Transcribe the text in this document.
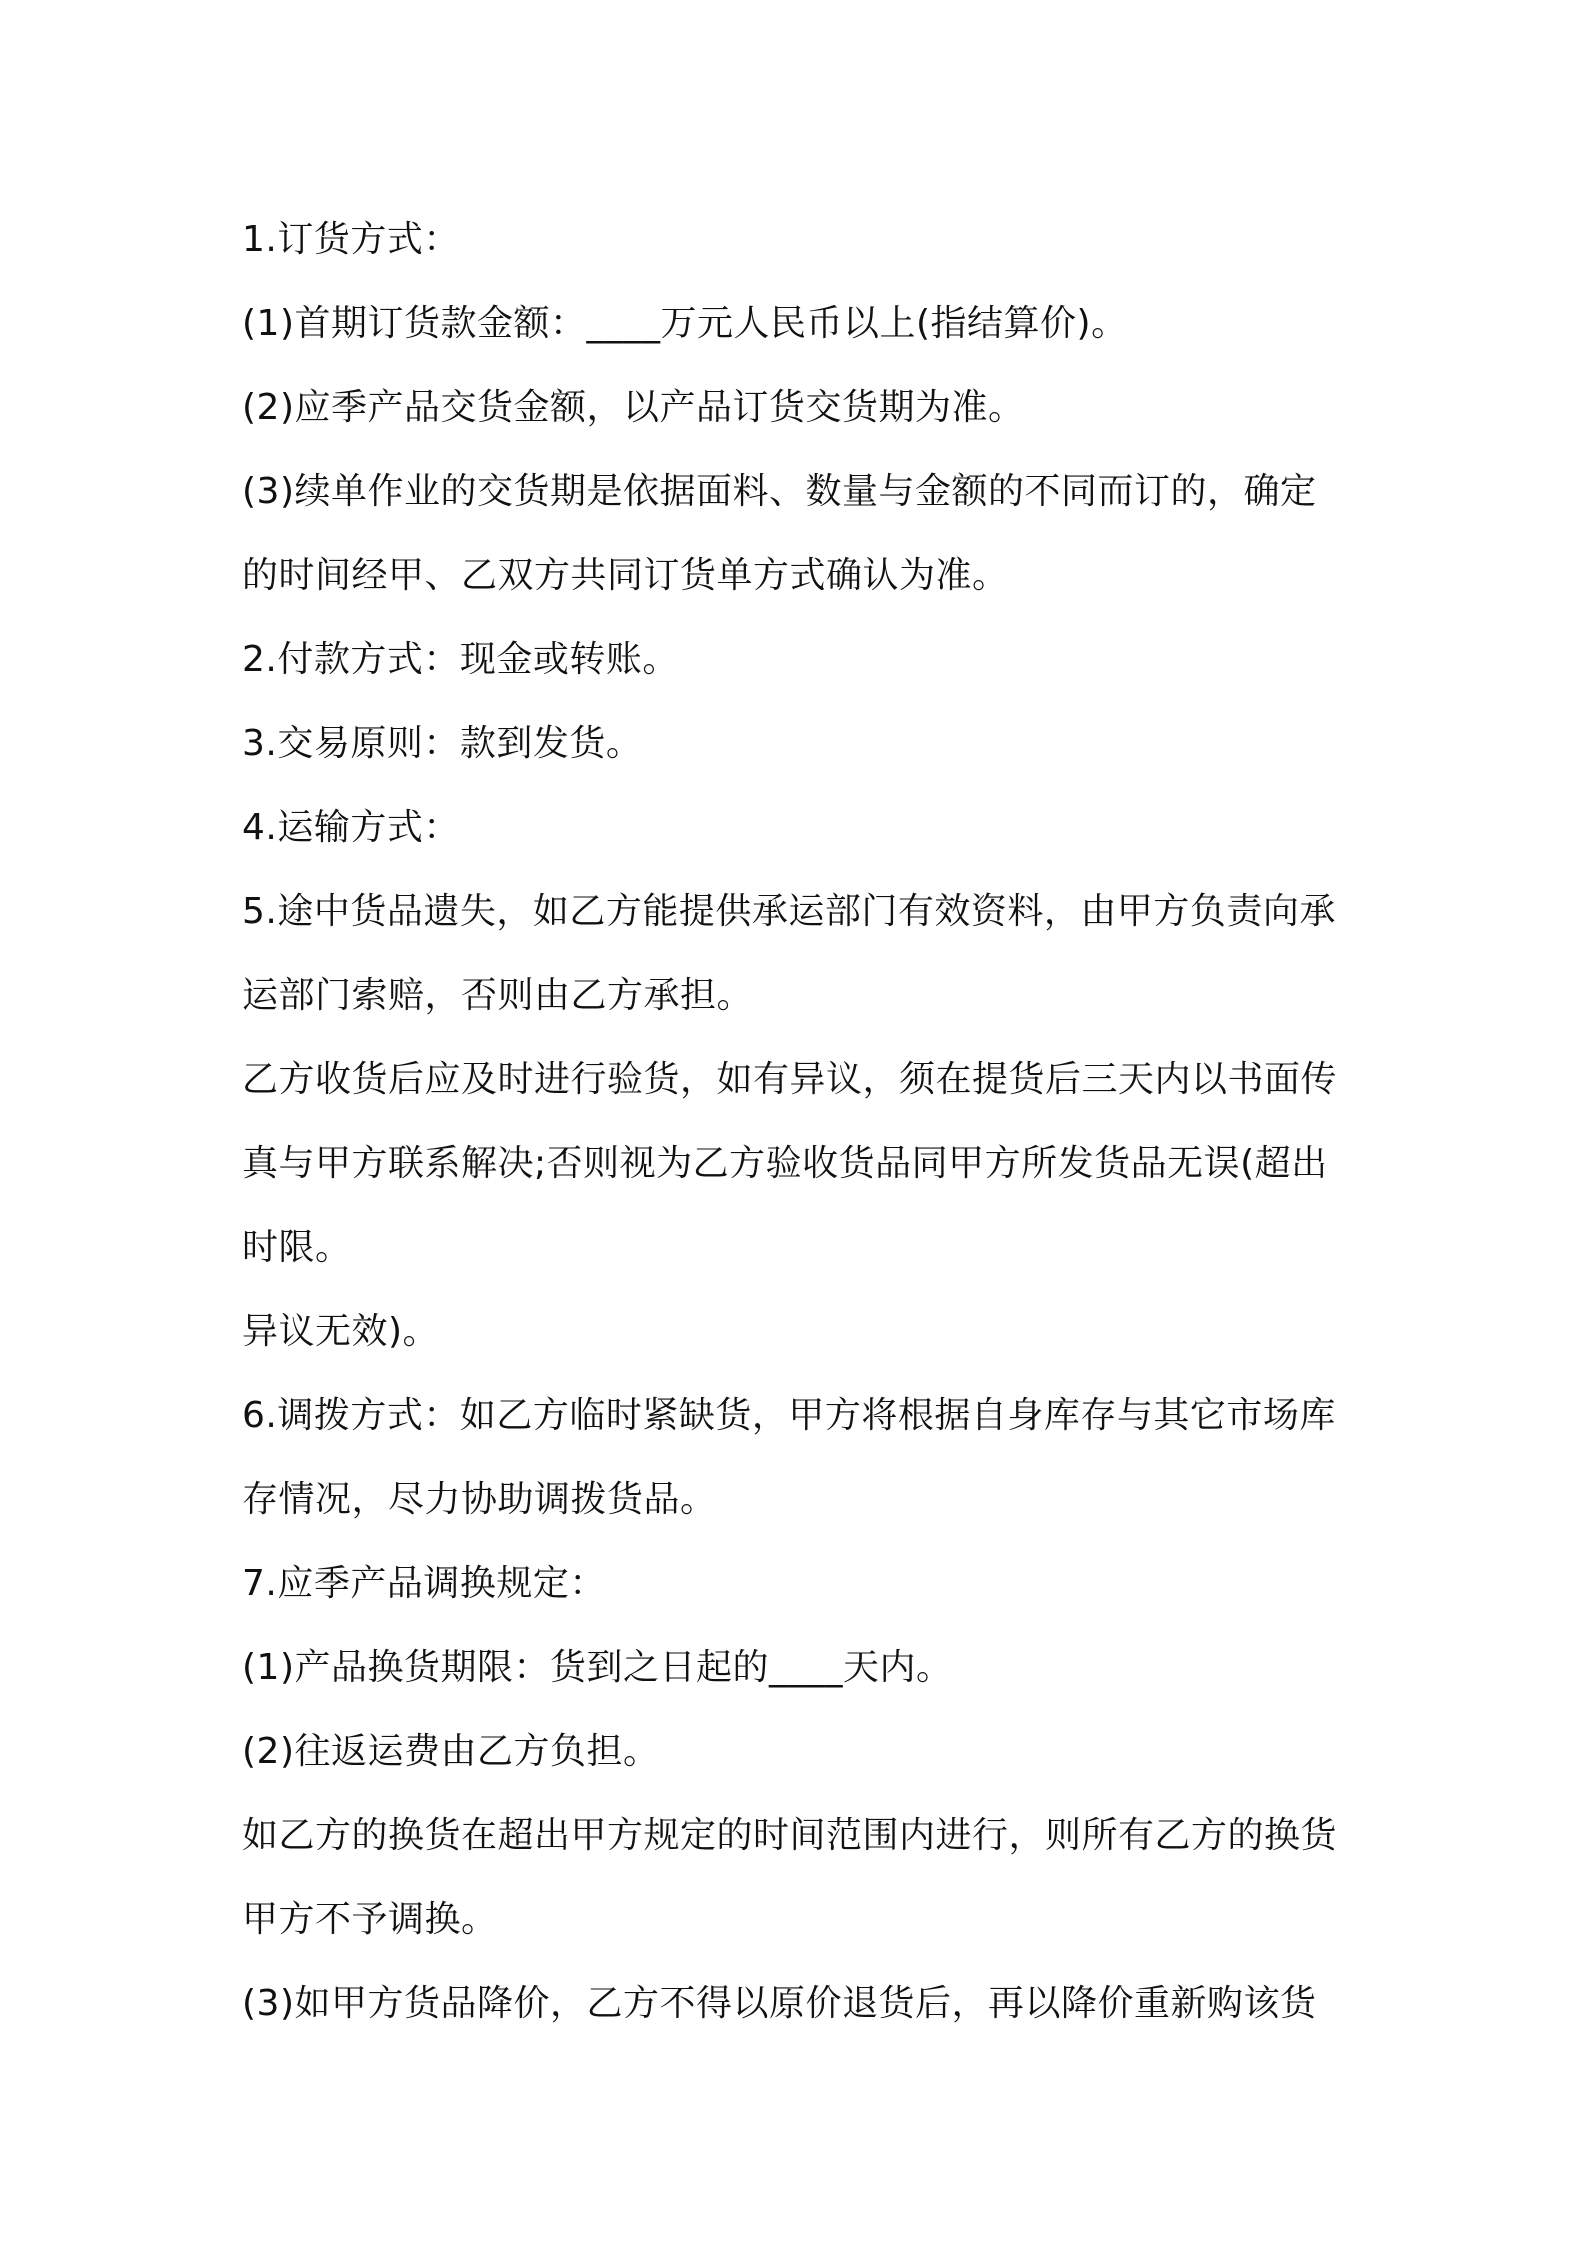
1.订货方式：
(1)首期订货款金额：____万元人民币以上(指结算价)。
(2)应季产品交货金额，以产品订货交货期为准。
(3)续单作业的交货期是依据面料、数量与金额的不同而订的，确定
的时间经甲、乙双方共同订货单方式确认为准。
2.付款方式：现金或转账。
3.交易原则：款到发货。
4.运输方式：
5.途中货品遗失，如乙方能提供承运部门有效资料，由甲方负责向承
运部门索赔，否则由乙方承担。
乙方收货后应及时进行验货，如有异议，须在提货后三天内以书面传
真与甲方联系解决;否则视为乙方验收货品同甲方所发货品无误(超出
时限。
异议无效)。
6.调拨方式：如乙方临时紧缺货，甲方将根据自身库存与其它市场库
存情况，尽力协助调拨货品。
7.应季产品调换规定：
(1)产品换货期限：货到之日起的____天内。
(2)往返运费由乙方负担。
如乙方的换货在超出甲方规定的时间范围内进行，则所有乙方的换货
甲方不予调换。
(3)如甲方货品降价，乙方不得以原价退货后，再以降价重新购该货
